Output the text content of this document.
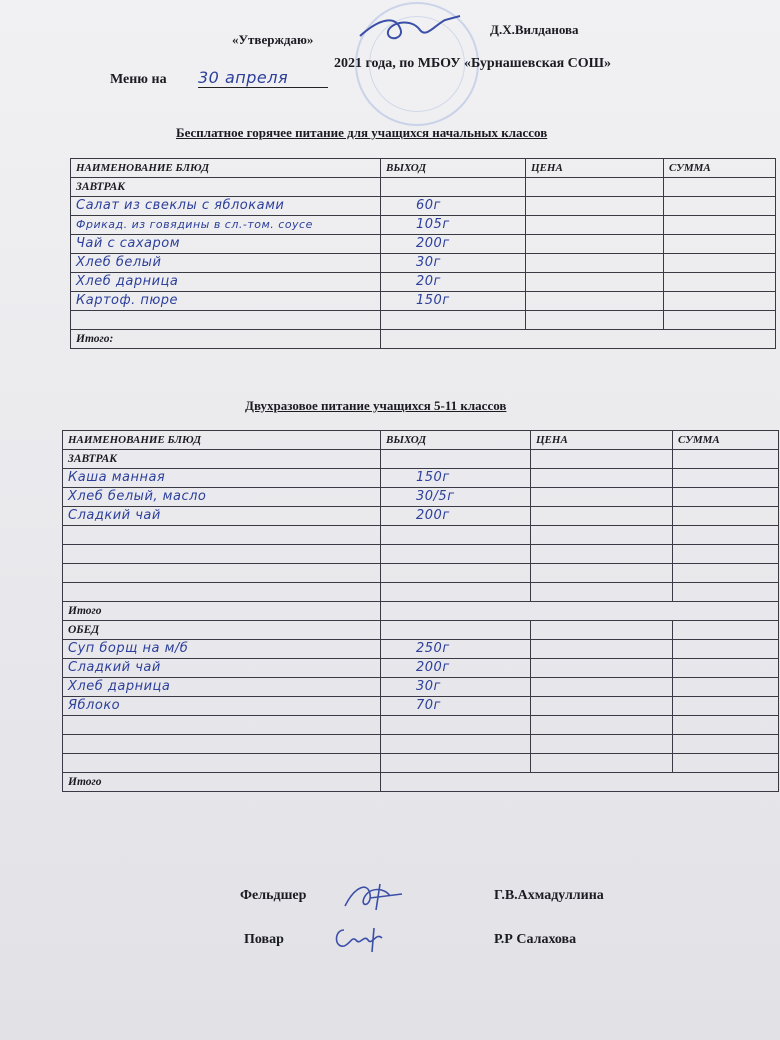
«Утверждаю»
Д.Х.Вилданова
Меню на 30 апреля
2021 года, по МБОУ «Бурнашевская СОШ»
Бесплатное горячее питание для учащихся начальных классов
НАИМЕНОВАНИЕ БЛЮД	ВЫХОД	ЦЕНА	СУММА
ЗАВТРАК			
Салат из свеклы с яблоками	60г		
Фрикад. из говядины в сл.-том. соусе	105г		
Чай с сахаром	200г		
Хлеб белый	30г		
Хлеб дарница	20г		
Картоф. пюре	150г		

Итого:			
Двухразовое питание учащихся 5-11 классов
НАИМЕНОВАНИЕ БЛЮД	ВЫХОД	ЦЕНА	СУММА
ЗАВТРАК			
Каша манная	150г		
Хлеб белый, масло	30/5г		
Сладкий чай	200г		

Итого			
ОБЕД			
Суп борщ на м/б	250г		
Сладкий чай	200г		
Хлеб дарница	30г		
Яблоко	70г		

Итого			
Фельдшер	Г.В.Ахмадуллина
Повар	Р.Р Салахова
